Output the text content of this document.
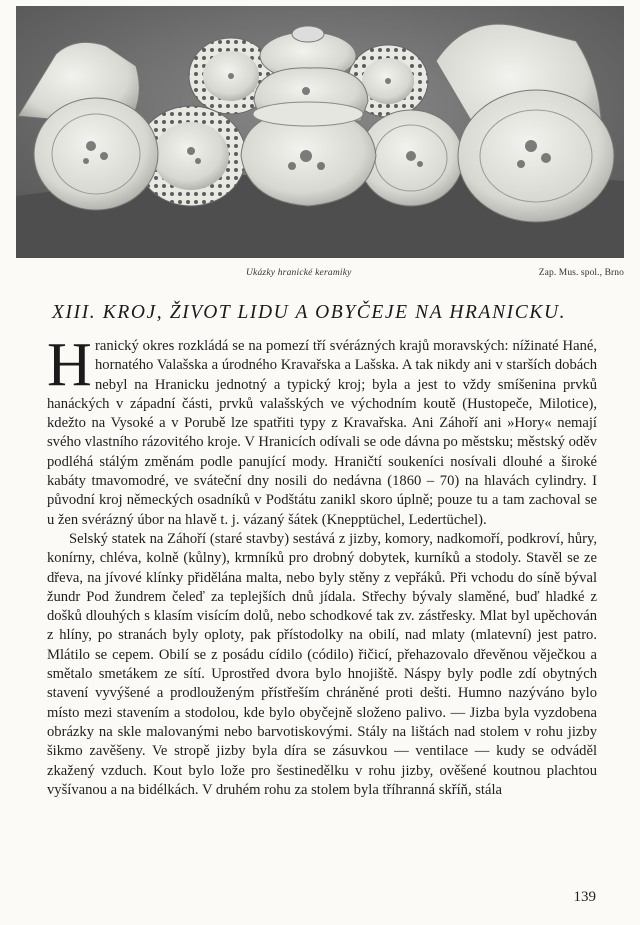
Ukázky hranické keramiky	Zap. Mus. spol., Brno
XIII. KROJ, ŽIVOT LIDU A OBYČEJE NA HRANICKU.

Hranický okres rozkládá se na pomezí tří svérázných krajů moravských: nížinaté Hané, hornatého Valašska a úrodného Kravařska a Lašska. A tak nikdy ani v starších dobách nebyl na Hranicku jednotný a typický kroj; byla a jest to vždy smíšenina prvků hanáckých v západní části, prvků valašských ve východním koutě (Hustopeče, Milotice), kdežto na Vysoké a v Porubě lze spatřiti typy z Kravařska. Ani Záhoří ani »Hory« nemají svého vlastního rázovitého kroje. V Hranicích odívali se ode dávna po městsku; městský oděv podléhá stálým změnám podle panující mody. Hraničtí soukeníci nosívali dlouhé a široké kabáty tmavomodré, ve sváteční dny nosili do nedávna (1860 – 70) na hlavách cylindry. I původní kroj německých osadníků v Podštátu zanikl skoro úplně; pouze tu a tam zachoval se u žen svérázný úbor na hlavě t. j. vázaný šátek (Knepptüchel, Ledertüchel).

Selský statek na Záhoří (staré stavby) sestává z jizby, komory, nadkomoří, podkroví, hůry, konírny, chléva, kolně (kůlny), krmníků pro drobný dobytek, kurníků a stodoly. Stavěl se ze dřeva, na jívové klínky přidělána malta, nebo byly stěny z vepřáků. Při vchodu do síně býval žundr Pod žundrem čeleď za teplejších dnů jídala. Střechy bývaly slaměné, buď hladké z došků dlouhých s klasím visícím dolů, nebo schodkové tak zv. zástřesky. Mlat byl upěchován z hlíny, po stranách byly oploty, pak přístodolky na obilí, nad mlaty (mlatevní) jest patro. Mlátilo se cepem. Obilí se z posádu cídilo (códilo) řičicí, přehazovalo dřevěnou věječkou a smětalo smetákem ze sítí. Uprostřed dvora bylo hnojiště. Náspy byly podle zdí obytných stavení vyvýšené a prodlouženým přístřeším chráněné proti dešti. Humno nazýváno bylo místo mezi stavením a stodolou, kde bylo obyčejně složeno palivo. — Jizba byla vyzdobena obrázky na skle malovanými nebo barvotiskovými. Stály na lištách nad stolem v rohu jizby šikmo zavěšeny. Ve stropě jizby byla díra se zásuvkou — ventilace — kudy se odváděl zkažený vzduch. Kout bylo lože pro šestinedělku v rohu jizby, ověšené koutnou plachtou vyšívanou a na bidélkách. V druhém rohu za stolem byla tříhranná skříň, stála

139
